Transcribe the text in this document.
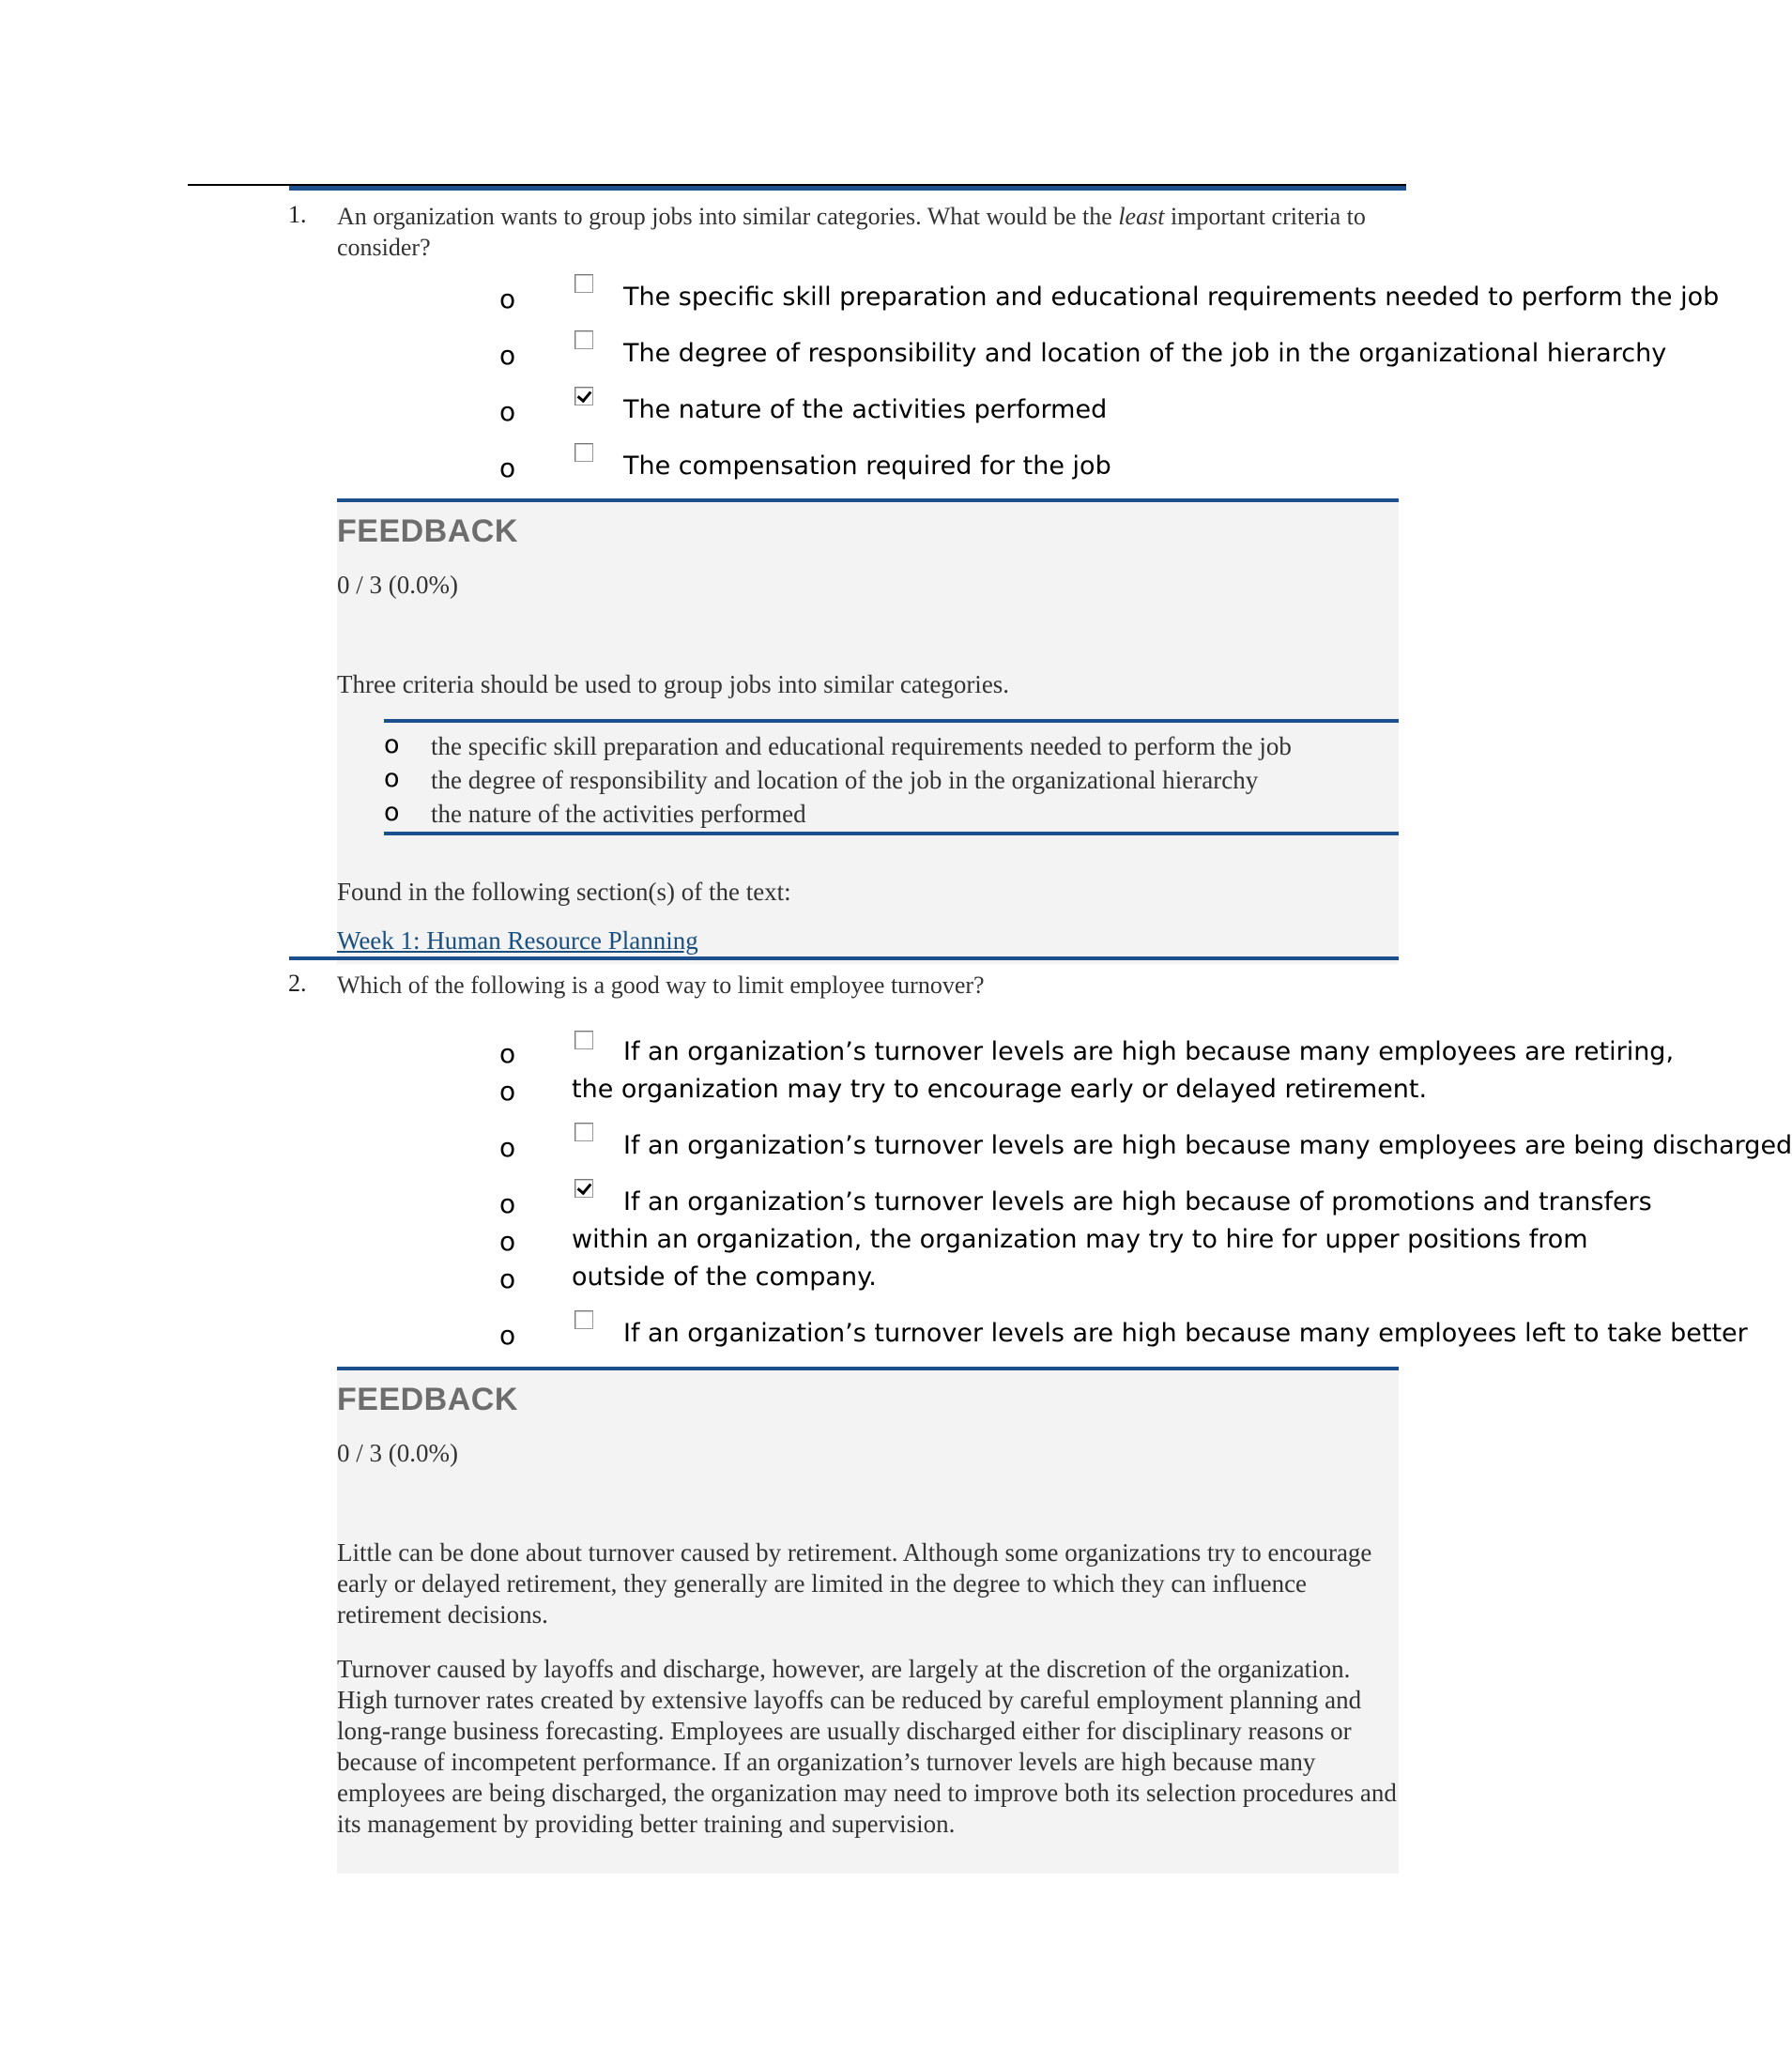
1. An organization wants to group jobs into similar categories. What would be the least important criteria to consider?
o	The specific skill preparation and educational requirements needed to perform the job
o	The degree of responsibility and location of the job in the organizational hierarchy
o	The nature of the activities performed
o	The compensation required for the job
FEEDBACK
0 / 3 (0.0%)
Three criteria should be used to group jobs into similar categories.
o the specific skill preparation and educational requirements needed to perform the job
o the degree of responsibility and location of the job in the organizational hierarchy
o the nature of the activities performed
Found in the following section(s) of the text:
Week 1: Human Resource Planning
2. Which of the following is a good way to limit employee turnover?
o	If an organization’s turnover levels are high because many employees are retiring,
o the organization may try to encourage early or delayed retirement.
o	If an organization’s turnover levels are high because many employees are being discharged
o	If an organization’s turnover levels are high because of promotions and transfers
o within an organization, the organization may try to hire for upper positions from
o outside of the company.
o	If an organization’s turnover levels are high because many employees left to take better
FEEDBACK
0 / 3 (0.0%)
Little can be done about turnover caused by retirement. Although some organizations try to encourage early or delayed retirement, they generally are limited in the degree to which they can influence retirement decisions.
Turnover caused by layoffs and discharge, however, are largely at the discretion of the organization. High turnover rates created by extensive layoffs can be reduced by careful employment planning and long-range business forecasting. Employees are usually discharged either for disciplinary reasons or because of incompetent performance. If an organization’s turnover levels are high because many employees are being discharged, the organization may need to improve both its selection procedures and its management by providing better training and supervision.
